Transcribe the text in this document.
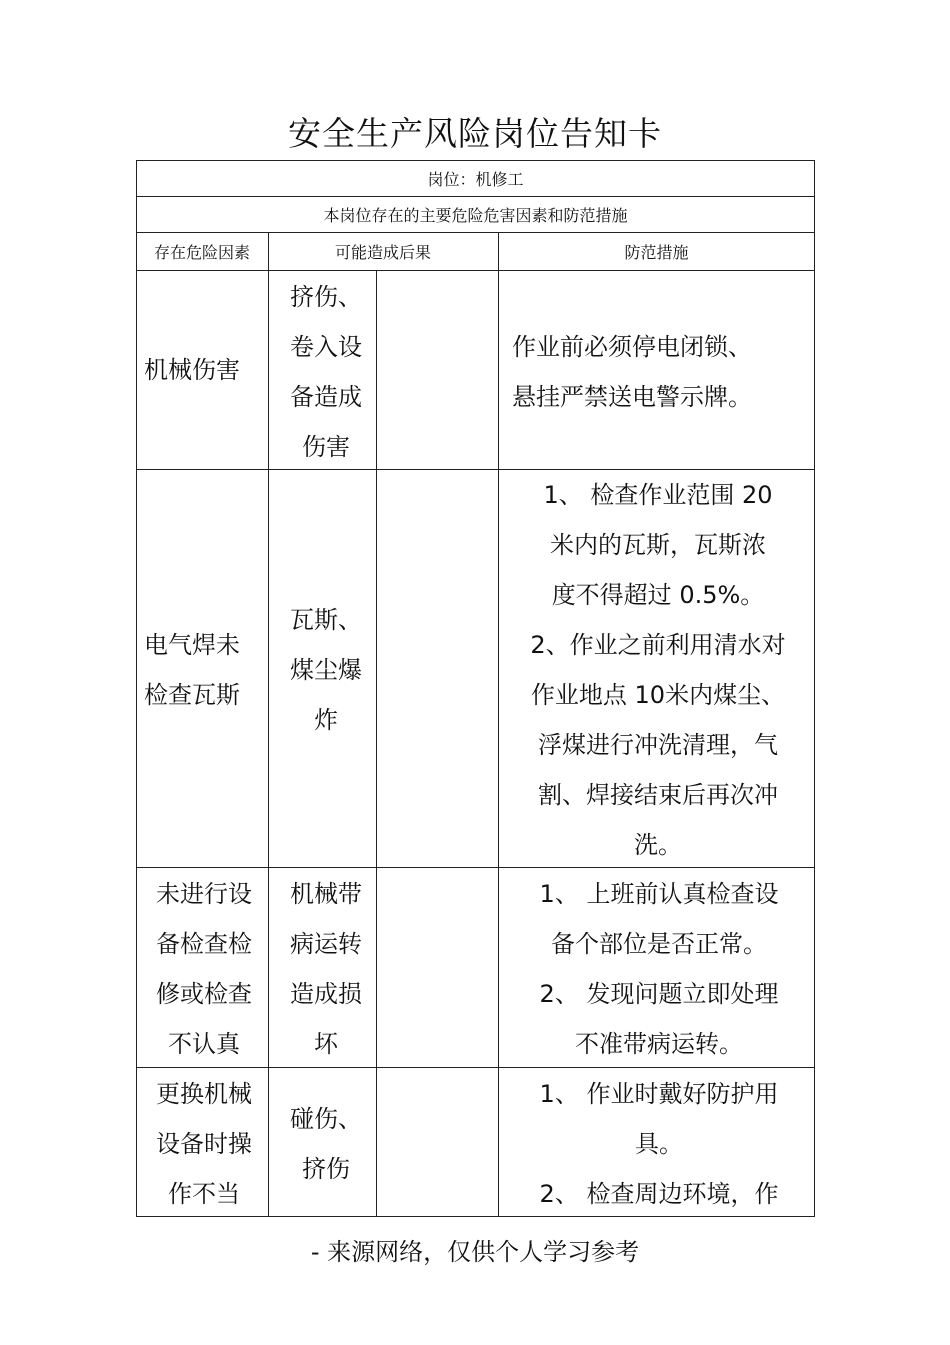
安全生产风险岗位告知卡
岗位：机修工
本岗位存在的主要危险危害因素和防范措施
存在危险因素	可能造成后果	防范措施
机械伤害
挤伤、
卷入设
备造成
伤害
作业前必须停电闭锁、
悬挂严禁送电警示牌。
电气焊未
检查瓦斯
瓦斯、
煤尘爆
炸
1、 检查作业范围 20
米内的瓦斯，瓦斯浓
度不得超过 0.5%。
2、作业之前利用清水对
作业地点 10米内煤尘、
浮煤进行冲洗清理，气
割、焊接结束后再次冲
洗。
未进行设
备检查检
修或检查
不认真
机械带
病运转
造成损
坏
1、 上班前认真检查设
备个部位是否正常。
2、 发现问题立即处理
不准带病运转。
更换机械
设备时操
作不当
碰伤、
挤伤
1、 作业时戴好防护用
具。
2、 检查周边环境，作
- 来源网络，仅供个人学习参考
